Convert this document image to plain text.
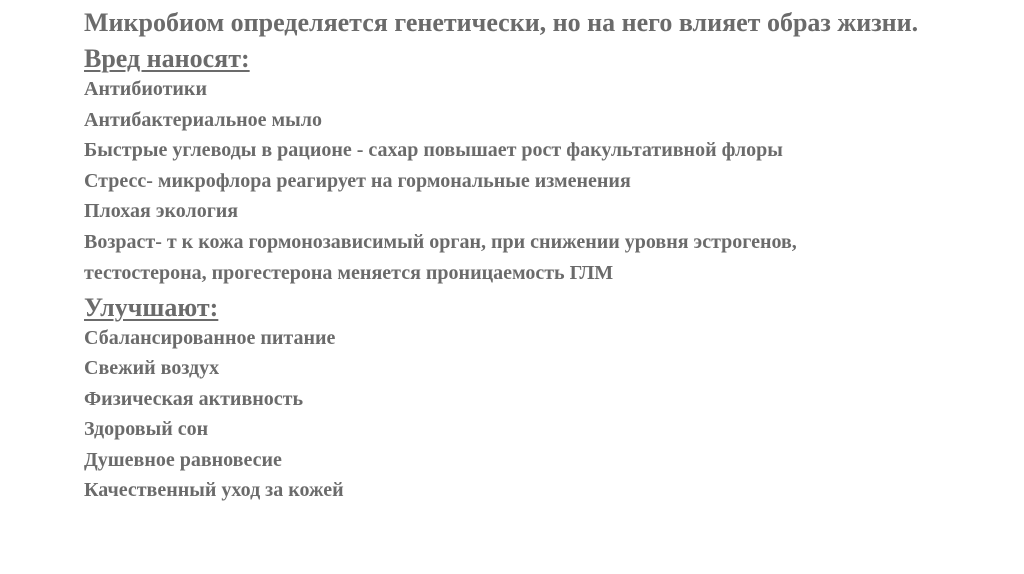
Микробиом определяется генетически, но на него влияет образ жизни.

Вред наносят:
Антибиотики
Антибактериальное мыло
Быстрые углеводы в рационе - сахар повышает рост факультативной флоры
Стресс- микрофлора реагирует на гормональные изменения
Плохая экология
Возраст- т к кожа гормонозависимый орган, при снижении уровня эстрогенов, тестостерона, прогестерона меняется проницаемость ГЛМ
Улучшают:
Сбалансированное питание
Свежий воздух
Физическая активность
Здоровый сон
Душевное равновесие
Качественный уход за кожей
